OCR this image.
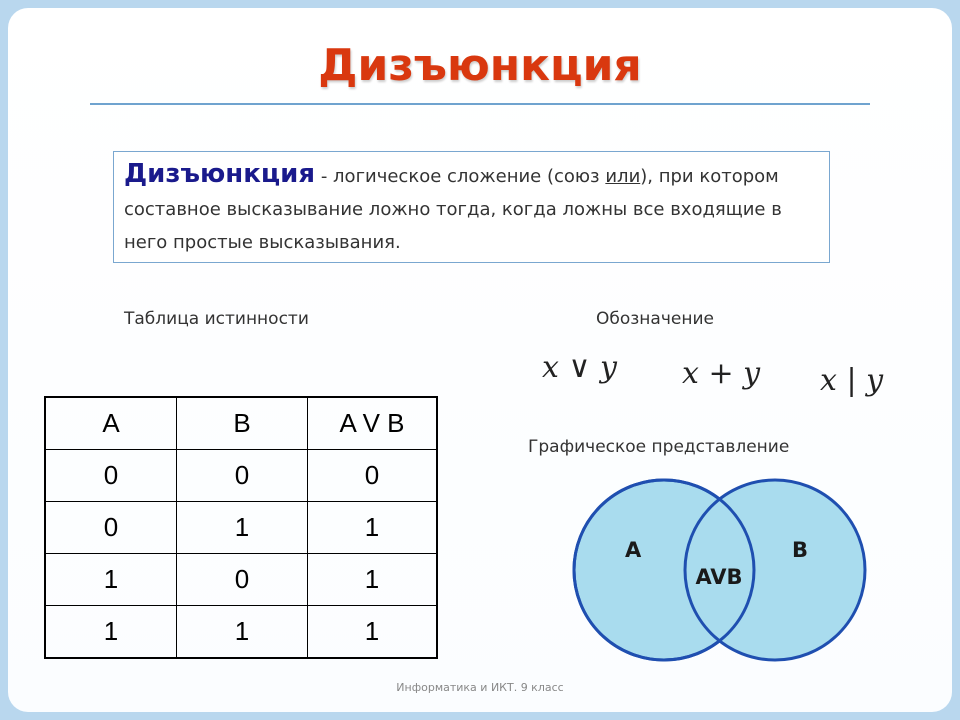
Дизъюнкция
Дизъюнкция - логическое сложение (союз или), при котором составное высказывание ложно тогда, когда ложны все входящие в него простые высказывания.
Таблица истинности	Обозначение
x ∨ y x + y x | y
A	B	A V B
0	0	0
0	1	1
1	0	1
1	1	1
Графическое представление
A	B
AVB
Информатика и ИКТ. 9 класс
